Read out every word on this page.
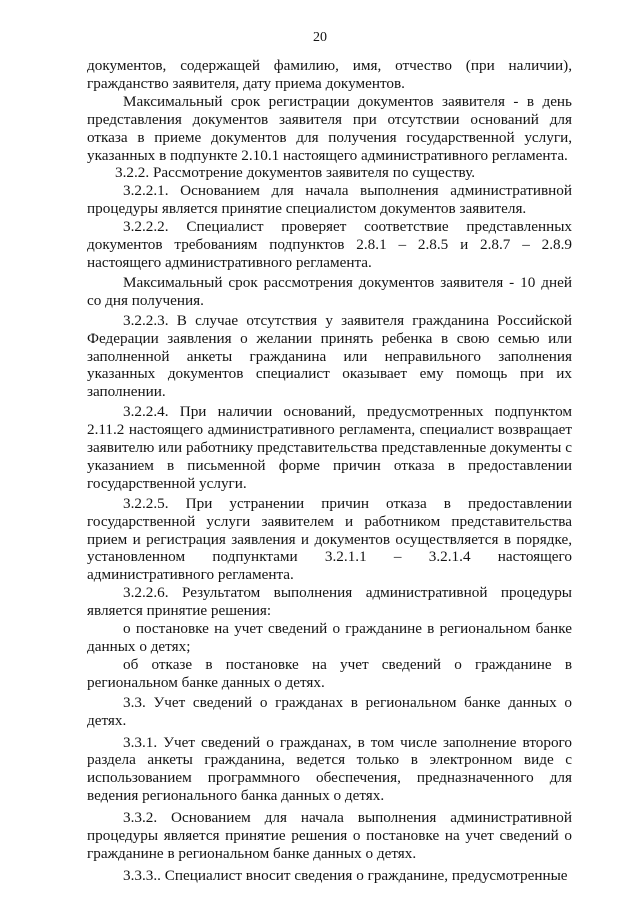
20

документов, содержащей фамилию, имя, отчество (при наличии), гражданство заявителя, дату приема документов.

Максимальный срок регистрации документов заявителя - в день представления документов заявителя при отсутствии оснований для отказа в приеме документов для получения государственной услуги, указанных в подпункте 2.10.1 настоящего административного регламента.

3.2.2. Рассмотрение документов заявителя по существу.

3.2.2.1. Основанием для начала выполнения административной процедуры является принятие специалистом документов заявителя.

3.2.2.2. Специалист проверяет соответствие представленных документов требованиям подпунктов 2.8.1 – 2.8.5 и 2.8.7 – 2.8.9 настоящего административного регламента.

Максимальный срок рассмотрения документов заявителя - 10 дней со дня получения.

3.2.2.3. В случае отсутствия у заявителя гражданина Российской Федерации заявления о желании принять ребенка в свою семью или заполненной анкеты гражданина или неправильного заполнения указанных документов специалист оказывает ему помощь при их заполнении.

3.2.2.4. При наличии оснований, предусмотренных подпунктом 2.11.2 настоящего административного регламента, специалист возвращает заявителю или работнику представительства представленные документы с указанием в письменной форме причин отказа в предоставлении государственной услуги.

3.2.2.5. При устранении причин отказа в предоставлении государственной услуги заявителем и работником представительства прием и регистрация заявления и документов осуществляется в порядке, установленном подпунктами 3.2.1.1 – 3.2.1.4 настоящего административного регламента.

3.2.2.6. Результатом выполнения административной процедуры является принятие решения:

о постановке на учет сведений о гражданине в региональном банке данных о детях;

об отказе в постановке на учет сведений о гражданине в региональном банке данных о детях.

3.3. Учет сведений о гражданах в региональном банке данных о детях.

3.3.1. Учет сведений о гражданах, в том числе заполнение второго раздела анкеты гражданина, ведется только в электронном виде с использованием программного обеспечения, предназначенного для ведения регионального банка данных о детях.

3.3.2. Основанием для начала выполнения административной процедуры является принятие решения о постановке на учет сведений о гражданине в региональном банке данных о детях.

3.3.3.. Специалист вносит сведения о гражданине, предусмотренные
